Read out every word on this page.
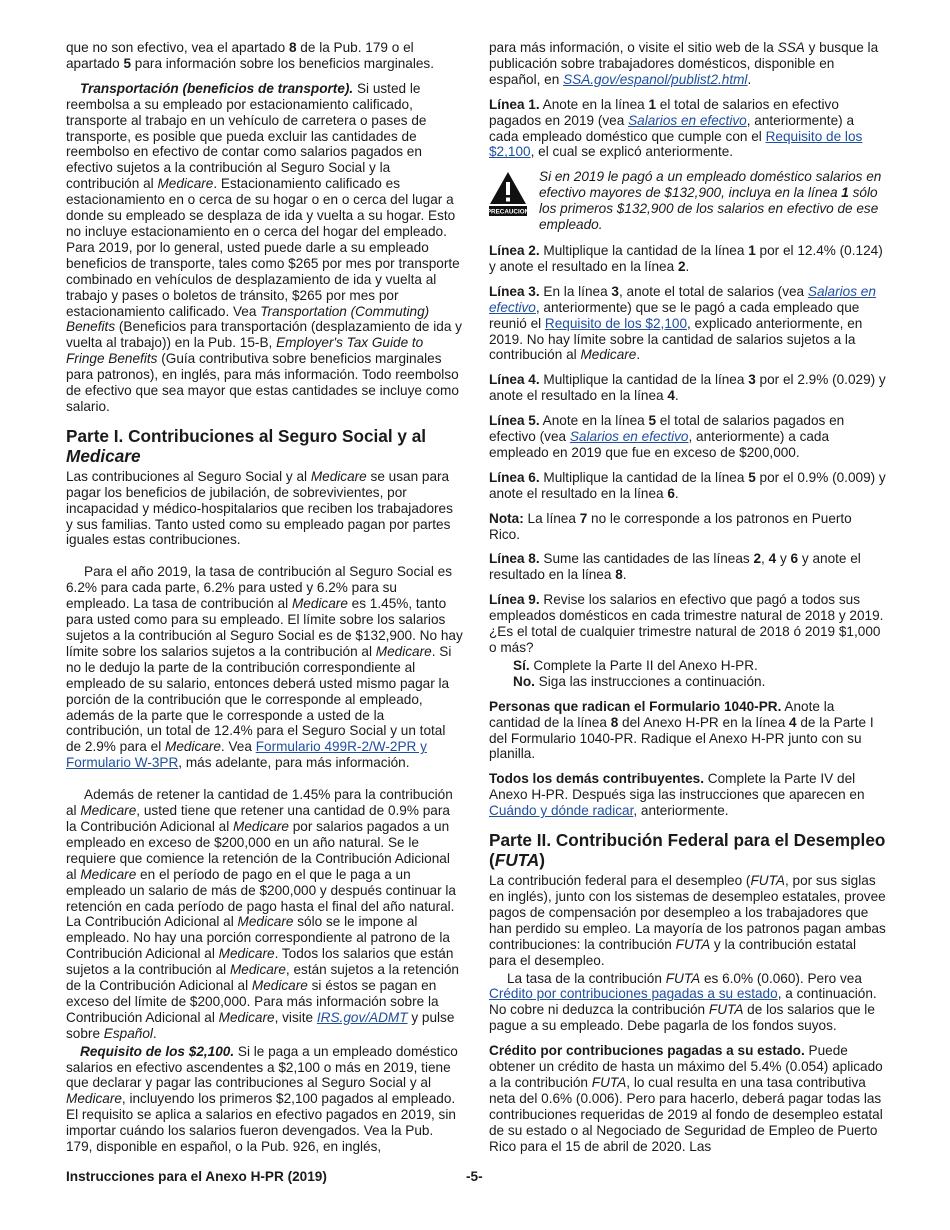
que no son efectivo, vea el apartado 8 de la Pub. 179 o el apartado 5 para información sobre los beneficios marginales.

Transportación (beneficios de transporte). Si usted le reembolsa a su empleado por estacionamiento calificado, transporte al trabajo en un vehículo de carretera o pases de transporte, es posible que pueda excluir las cantidades de reembolso en efectivo de contar como salarios pagados en efectivo sujetos a la contribución al Seguro Social y la contribución al Medicare. Estacionamiento calificado es estacionamiento en o cerca de su hogar o en o cerca del lugar a donde su empleado se desplaza de ida y vuelta a su hogar. Esto no incluye estacionamiento en o cerca del hogar del empleado. Para 2019, por lo general, usted puede darle a su empleado beneficios de transporte, tales como $265 por mes por transporte combinado en vehículos de desplazamiento de ida y vuelta al trabajo y pases o boletos de tránsito, $265 por mes por estacionamiento calificado. Vea Transportation (Commuting) Benefits (Beneficios para transportación (desplazamiento de ida y vuelta al trabajo)) en la Pub. 15-B, Employer's Tax Guide to Fringe Benefits (Guía contributiva sobre beneficios marginales para patronos), en inglés, para más información. Todo reembolso de efectivo que sea mayor que estas cantidades se incluye como salario.

Parte I. Contribuciones al Seguro Social y al Medicare

Las contribuciones al Seguro Social y al Medicare se usan para pagar los beneficios de jubilación, de sobrevivientes, por incapacidad y médico-hospitalarios que reciben los trabajadores y sus familias. Tanto usted como su empleado pagan por partes iguales estas contribuciones.

Para el año 2019, la tasa de contribución al Seguro Social es 6.2% para cada parte, 6.2% para usted y 6.2% para su empleado. La tasa de contribución al Medicare es 1.45%, tanto para usted como para su empleado. El límite sobre los salarios sujetos a la contribución al Seguro Social es de $132,900. No hay límite sobre los salarios sujetos a la contribución al Medicare. Si no le dedujo la parte de la contribución correspondiente al empleado de su salario, entonces deberá usted mismo pagar la porción de la contribución que le corresponde al empleado, además de la parte que le corresponde a usted de la contribución, un total de 12.4% para el Seguro Social y un total de 2.9% para el Medicare. Vea Formulario 499R-2/W-2PR y Formulario W-3PR, más adelante, para más información.

Además de retener la cantidad de 1.45% para la contribución al Medicare, usted tiene que retener una cantidad de 0.9% para la Contribución Adicional al Medicare por salarios pagados a un empleado en exceso de $200,000 en un año natural. Se le requiere que comience la retención de la Contribución Adicional al Medicare en el período de pago en el que le paga a un empleado un salario de más de $200,000 y después continuar la retención en cada período de pago hasta el final del año natural. La Contribución Adicional al Medicare sólo se le impone al empleado. No hay una porción correspondiente al patrono de la Contribución Adicional al Medicare. Todos los salarios que están sujetos a la contribución al Medicare, están sujetos a la retención de la Contribución Adicional al Medicare si éstos se pagan en exceso del límite de $200,000. Para más información sobre la Contribución Adicional al Medicare, visite IRS.gov/ADMT y pulse sobre Español.

Requisito de los $2,100. Si le paga a un empleado doméstico salarios en efectivo ascendentes a $2,100 o más en 2019, tiene que declarar y pagar las contribuciones al Seguro Social y al Medicare, incluyendo los primeros $2,100 pagados al empleado. El requisito se aplica a salarios en efectivo pagados en 2019, sin importar cuándo los salarios fueron devengados. Vea la Pub. 179, disponible en español, o la Pub. 926, en inglés,

para más información, o visite el sitio web de la SSA y busque la publicación sobre trabajadores domésticos, disponible en español, en SSA.gov/espanol/publist2.html.

Línea 1. Anote en la línea 1 el total de salarios en efectivo pagados en 2019 (vea Salarios en efectivo, anteriormente) a cada empleado doméstico que cumple con el Requisito de los $2,100, el cual se explicó anteriormente.

PRECAUCION
Si en 2019 le pagó a un empleado doméstico salarios en efectivo mayores de $132,900, incluya en la línea 1 sólo los primeros $132,900 de los salarios en efectivo de ese empleado.

Línea 2. Multiplique la cantidad de la línea 1 por el 12.4% (0.124) y anote el resultado en la línea 2.

Línea 3. En la línea 3, anote el total de salarios (vea Salarios en efectivo, anteriormente) que se le pagó a cada empleado que reunió el Requisito de los $2,100, explicado anteriormente, en 2019. No hay límite sobre la cantidad de salarios sujetos a la contribución al Medicare.

Línea 4. Multiplique la cantidad de la línea 3 por el 2.9% (0.029) y anote el resultado en la línea 4.

Línea 5. Anote en la línea 5 el total de salarios pagados en efectivo (vea Salarios en efectivo, anteriormente) a cada empleado en 2019 que fue en exceso de $200,000.

Línea 6. Multiplique la cantidad de la línea 5 por el 0.9% (0.009) y anote el resultado en la línea 6.

Nota: La línea 7 no le corresponde a los patronos en Puerto Rico.

Línea 8. Sume las cantidades de las líneas 2, 4 y 6 y anote el resultado en la línea 8.

Línea 9. Revise los salarios en efectivo que pagó a todos sus empleados domésticos en cada trimestre natural de 2018 y 2019. ¿Es el total de cualquier trimestre natural de 2018 ó 2019 $1,000 o más?

Sí. Complete la Parte II del Anexo H-PR.

No. Siga las instrucciones a continuación.

Personas que radican el Formulario 1040-PR. Anote la cantidad de la línea 8 del Anexo H-PR en la línea 4 de la Parte I del Formulario 1040-PR. Radique el Anexo H-PR junto con su planilla.

Todos los demás contribuyentes. Complete la Parte IV del Anexo H-PR. Después siga las instrucciones que aparecen en Cuándo y dónde radicar, anteriormente.

Parte II. Contribución Federal para el Desempleo (FUTA)

La contribución federal para el desempleo (FUTA, por sus siglas en inglés), junto con los sistemas de desempleo estatales, provee pagos de compensación por desempleo a los trabajadores que han perdido su empleo. La mayoría de los patronos pagan ambas contribuciones: la contribución FUTA y la contribución estatal para el desempleo.

La tasa de la contribución FUTA es 6.0% (0.060). Pero vea Crédito por contribuciones pagadas a su estado, a continuación. No cobre ni deduzca la contribución FUTA de los salarios que le pague a su empleado. Debe pagarla de los fondos suyos.

Crédito por contribuciones pagadas a su estado. Puede obtener un crédito de hasta un máximo del 5.4% (0.054) aplicado a la contribución FUTA, lo cual resulta en una tasa contributiva neta del 0.6% (0.006). Pero para hacerlo, deberá pagar todas las contribuciones requeridas de 2019 al fondo de desempleo estatal de su estado o al Negociado de Seguridad de Empleo de Puerto Rico para el 15 de abril de 2020. Las

Instrucciones para el Anexo H-PR (2019)	-5-
